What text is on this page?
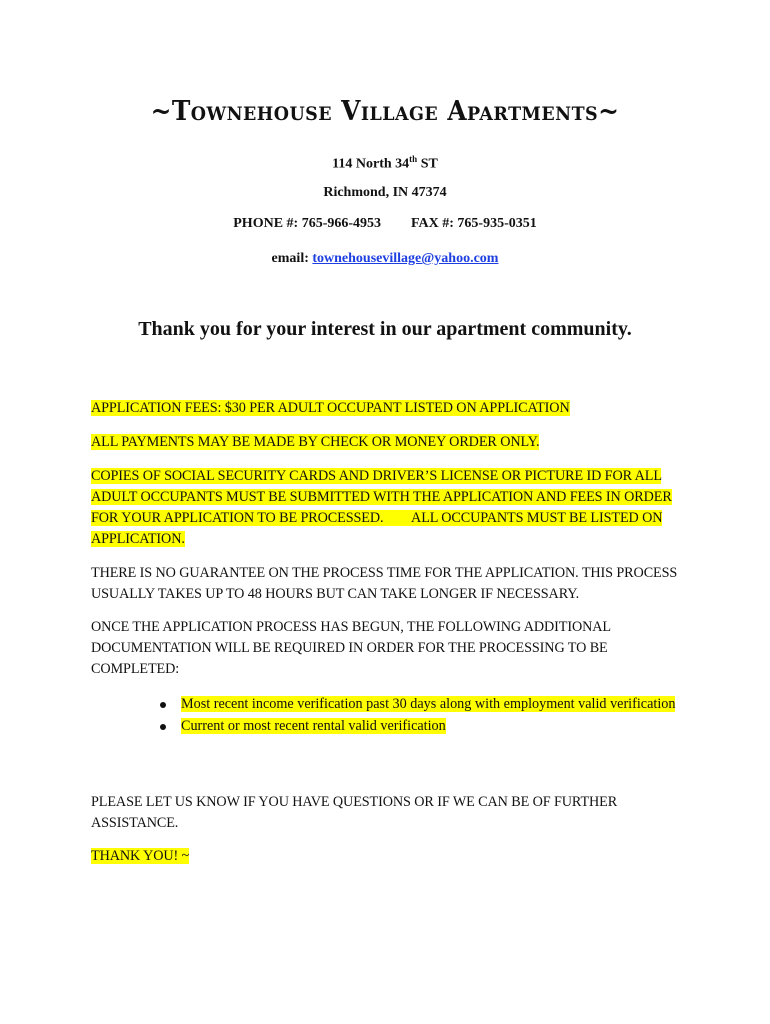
~Townehouse Village Apartments~
114 North 34th ST
Richmond, IN 47374
PHONE #: 765-966-4953 FAX #: 765-935-0351
email: townehousevillage@yahoo.com
Thank you for your interest in our apartment community.
APPLICATION FEES: $30 PER ADULT OCCUPANT LISTED ON APPLICATION
ALL PAYMENTS MAY BE MADE BY CHECK OR MONEY ORDER ONLY.
COPIES OF SOCIAL SECURITY CARDS AND DRIVER’S LICENSE OR PICTURE ID FOR ALL ADULT OCCUPANTS MUST BE SUBMITTED WITH THE APPLICATION AND FEES IN ORDER FOR YOUR APPLICATION TO BE PROCESSED. ALL OCCUPANTS MUST BE LISTED ON APPLICATION.
THERE IS NO GUARANTEE ON THE PROCESS TIME FOR THE APPLICATION. THIS PROCESS USUALLY TAKES UP TO 48 HOURS BUT CAN TAKE LONGER IF NECESSARY.
ONCE THE APPLICATION PROCESS HAS BEGUN, THE FOLLOWING ADDITIONAL DOCUMENTATION WILL BE REQUIRED IN ORDER FOR THE PROCESSING TO BE COMPLETED:
Most recent income verification past 30 days along with employment valid verification
Current or most recent rental valid verification
PLEASE LET US KNOW IF YOU HAVE QUESTIONS OR IF WE CAN BE OF FURTHER ASSISTANCE.
THANK YOU! ~
